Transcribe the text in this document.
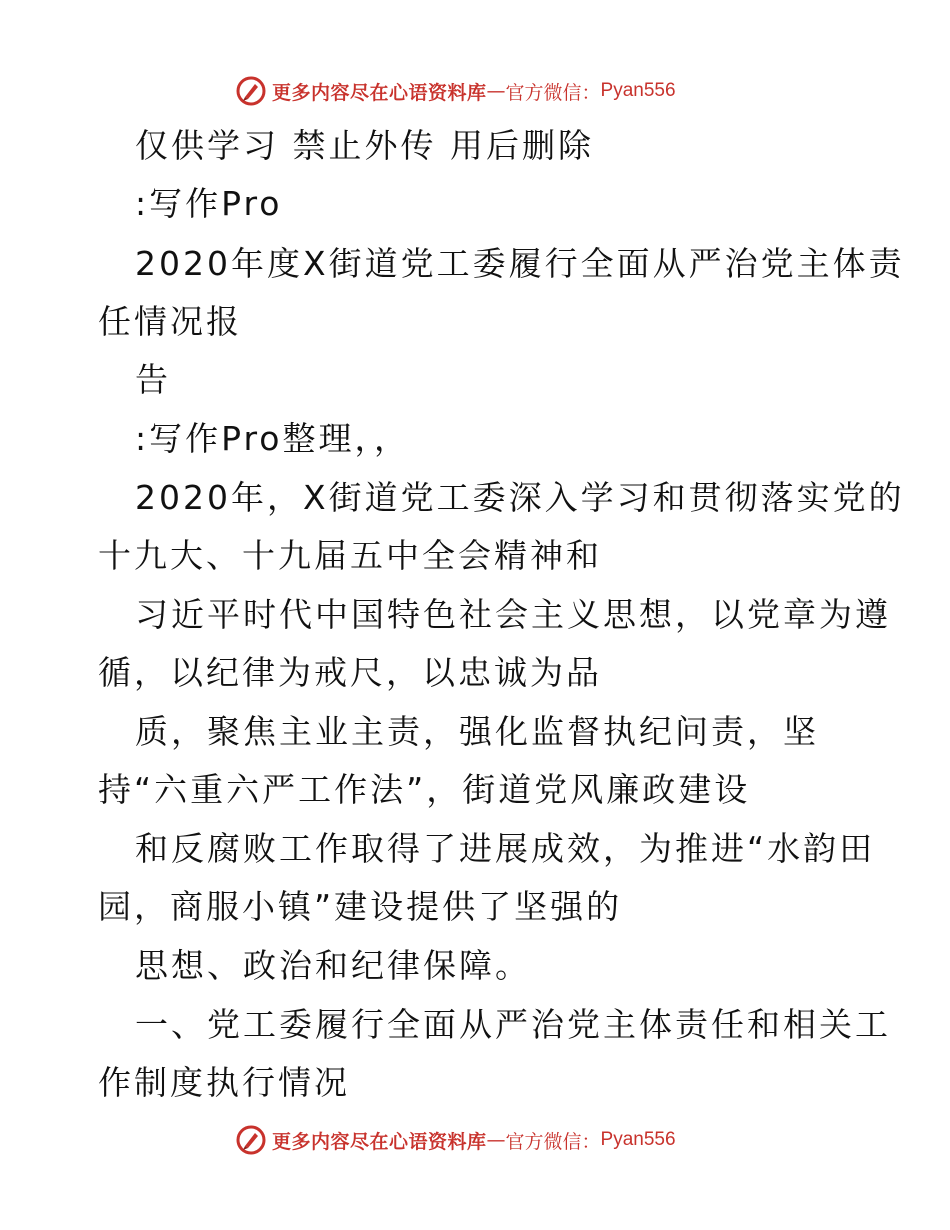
更多内容尽在心语资料库 — 官方微信： Pyan556
仅供学习 禁止外传 用后删除
:写作Pro
2020年度X街道党工委履行全面从严治党主体责
任情况报
告
:写作Pro整理，，
2020年，X街道党工委深入学习和贯彻落实党的
十九大、十九届五中全会精神和
习近平时代中国特色社会主义思想，以党章为遵
循，以纪律为戒尺，以忠诚为品
质，聚焦主业主责，强化监督执纪问责，坚
持“六重六严工作法”，街道党风廉政建设
和反腐败工作取得了进展成效，为推进“水韵田
园，商服小镇”建设提供了坚强的
思想、政治和纪律保障。
一、党工委履行全面从严治党主体责任和相关工
作制度执行情况
更多内容尽在心语资料库 — 官方微信： Pyan556
